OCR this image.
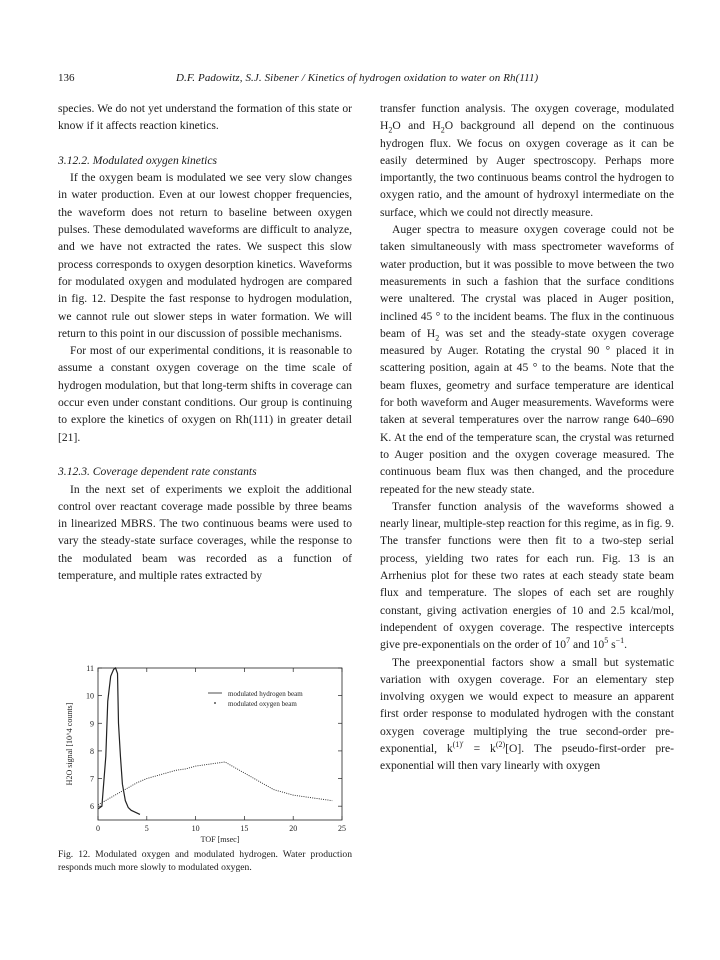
136	D.F. Padowitz, S.J. Sibener / Kinetics of hydrogen oxidation to water on Rh(111)

species. We do not yet understand the formation of this state or know if it affects reaction kinetics.

3.12.2. Modulated oxygen kinetics

If the oxygen beam is modulated we see very slow changes in water production. Even at our lowest chopper frequencies, the waveform does not return to baseline between oxygen pulses. These demodulated waveforms are difficult to analyze, and we have not extracted the rates. We suspect this slow process corresponds to oxygen desorption kinetics. Waveforms for modulated oxygen and modulated hydrogen are compared in fig. 12. Despite the fast response to hydrogen modulation, we cannot rule out slower steps in water formation. We will return to this point in our discussion of possible mechanisms.

For most of our experimental conditions, it is reasonable to assume a constant oxygen coverage on the time scale of hydrogen modulation, but that long-term shifts in coverage can occur even under constant conditions. Our group is continuing to explore the kinetics of oxygen on Rh(111) in greater detail [21].

3.12.3. Coverage dependent rate constants

In the next set of experiments we exploit the additional control over reactant coverage made possible by three beams in linearized MBRS. The two continuous beams were used to vary the steady-state surface coverages, while the response to the modulated beam was recorded as a function of temperature, and multiple rates extracted by

transfer function analysis. The oxygen coverage, modulated $H_2O$ and $H_2O$ background all depend on the continuous hydrogen flux. We focus on oxygen coverage as it can be easily determined by Auger spectroscopy. Perhaps more importantly, the two continuous beams control the hydrogen to oxygen ratio, and the amount of hydroxyl intermediate on the surface, which we could not directly measure.

Auger spectra to measure oxygen coverage could not be taken simultaneously with mass spectrometer waveforms of water production, but it was possible to move between the two measurements in such a fashion that the surface conditions were unaltered. The crystal was placed in Auger position, inclined 45 ° to the incident beams. The flux in the continuous beam of $H_2$ was set and the steady-state oxygen coverage measured by Auger. Rotating the crystal 90 ° placed it in scattering position, again at 45 ° to the beams. Note that the beam fluxes, geometry and surface temperature are identical for both waveform and Auger measurements. Waveforms were taken at several temperatures over the narrow range 640–690 K. At the end of the temperature scan, the crystal was returned to Auger position and the oxygen coverage measured. The continuous beam flux was then changed, and the procedure repeated for the new steady state.

Transfer function analysis of the waveforms showed a nearly linear, multiple-step reaction for this regime, as in fig. 9. The transfer functions were then fit to a two-step serial process, yielding two rates for each run. Fig. 13 is an Arrhenius plot for these two rates at each steady state beam flux and temperature. The slopes of each set are roughly constant, giving activation energies of 10 and 2.5 kcal/mol, independent of oxygen coverage. The respective intercepts give pre-exponentials on the order of $10^7$ and $10^5$ $s^{-1}$.

The preexponential factors show a small but systematic variation with oxygen coverage. For an elementary step involving oxygen we would expect to measure an apparent first order response to modulated hydrogen with the constant oxygen coverage multiplying the true second-order pre-exponential, $k^{(1)'} = k^{(2)}[O]$. The pseudo-first-order pre-exponential will then vary linearly with oxygen

0	5	10	15	20	25
6
7
8
9
10
11
TOF [msec]
H2O signal [10^4 counts]
modulated hydrogen beam
modulated oxygen beam
Fig. 12. Modulated oxygen and modulated hydrogen. Water production responds much more slowly to modulated oxygen.
